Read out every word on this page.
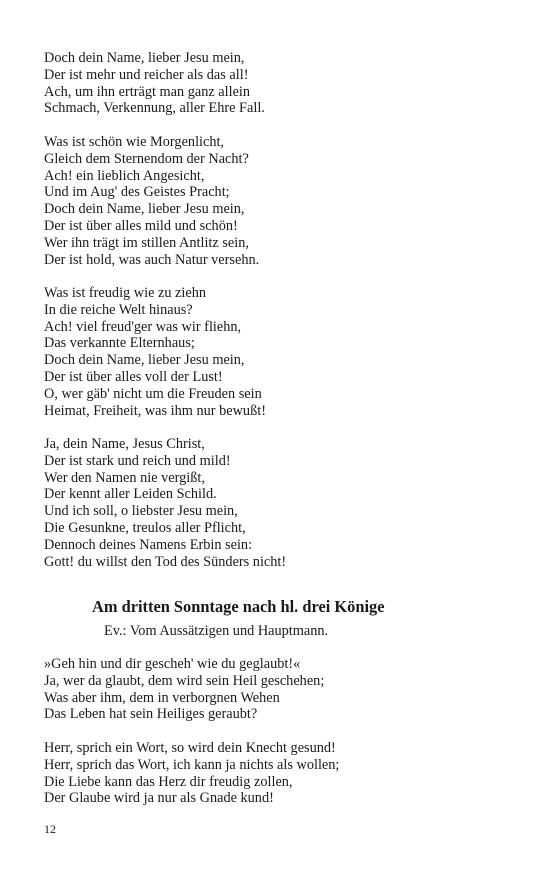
Doch dein Name, lieber Jesu mein,
Der ist mehr und reicher als das all!
Ach, um ihn erträgt man ganz allein
Schmach, Verkennung, aller Ehre Fall.
Was ist schön wie Morgenlicht,
Gleich dem Sternendom der Nacht?
Ach! ein lieblich Angesicht,
Und im Aug' des Geistes Pracht;
Doch dein Name, lieber Jesu mein,
Der ist über alles mild und schön!
Wer ihn trägt im stillen Antlitz sein,
Der ist hold, was auch Natur versehn.
Was ist freudig wie zu ziehn
In die reiche Welt hinaus?
Ach! viel freud'ger was wir fliehn,
Das verkannte Elternhaus;
Doch dein Name, lieber Jesu mein,
Der ist über alles voll der Lust!
O, wer gäb' nicht um die Freuden sein
Heimat, Freiheit, was ihm nur bewußt!
Ja, dein Name, Jesus Christ,
Der ist stark und reich und mild!
Wer den Namen nie vergißt,
Der kennt aller Leiden Schild.
Und ich soll, o liebster Jesu mein,
Die Gesunkne, treulos aller Pflicht,
Dennoch deines Namens Erbin sein:
Gott! du willst den Tod des Sünders nicht!
Am dritten Sonntage nach hl. drei Könige

Ev.: Vom Aussätzigen und Hauptmann.

»Geh hin und dir gescheh' wie du geglaubt!«
Ja, wer da glaubt, dem wird sein Heil geschehen;
Was aber ihm, dem in verborgnen Wehen
Das Leben hat sein Heiliges geraubt?
Herr, sprich ein Wort, so wird dein Knecht gesund!
Herr, sprich das Wort, ich kann ja nichts als wollen;
Die Liebe kann das Herz dir freudig zollen,
Der Glaube wird ja nur als Gnade kund!
12
